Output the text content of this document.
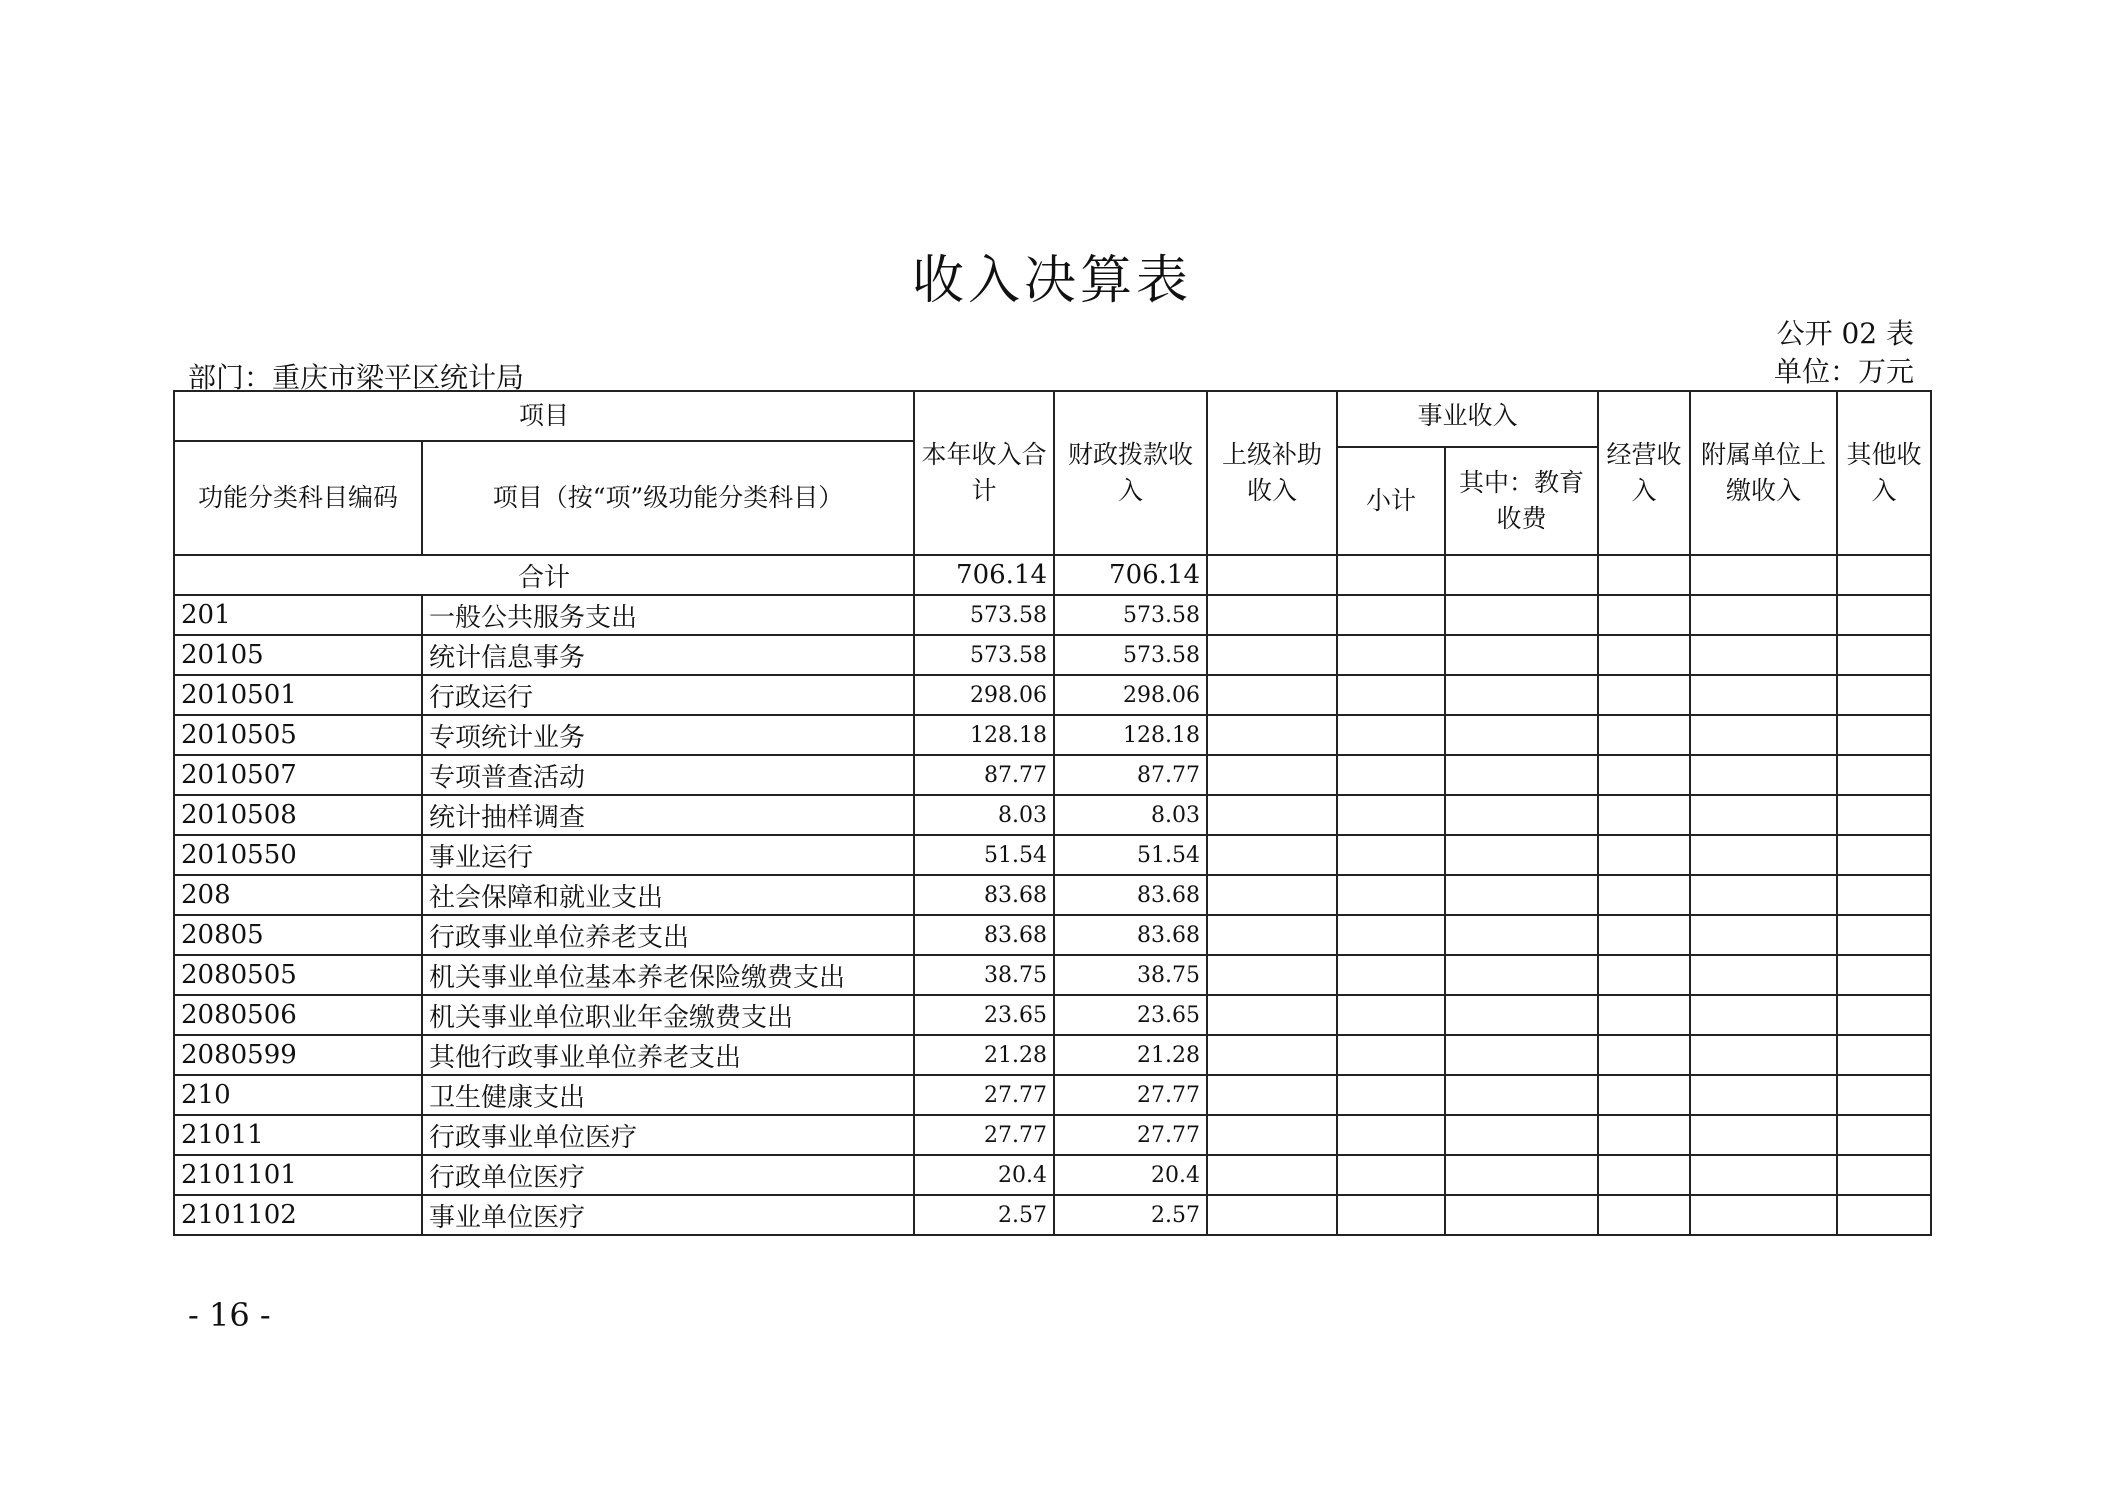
收入决算表
公开 02 表
单位：万元
部门：重庆市梁平区统计局
项目		本年收入合计	财政拨款收入	上级补助收入	事业收入		经营收入	附属单位上缴收入	其他收入
功能分类科目编码	项目（按“项”级功能分类科目）								
					小计	其中：教育收费			
合计		706.14	706.14						
201	一般公共服务支出	573.58	573.58						
20105	统计信息事务	573.58	573.58						
2010501	行政运行	298.06	298.06						
2010505	专项统计业务	128.18	128.18						
2010507	专项普查活动	87.77	87.77						
2010508	统计抽样调查	8.03	8.03						
2010550	事业运行	51.54	51.54						
208	社会保障和就业支出	83.68	83.68						
20805	行政事业单位养老支出	83.68	83.68						
2080505	机关事业单位基本养老保险缴费支出	38.75	38.75						
2080506	机关事业单位职业年金缴费支出	23.65	23.65						
2080599	其他行政事业单位养老支出	21.28	21.28						
210	卫生健康支出	27.77	27.77						
21011	行政事业单位医疗	27.77	27.77						
2101101	行政单位医疗	20.4	20.4						
2101102	事业单位医疗	2.57	2.57						
- 16 -
